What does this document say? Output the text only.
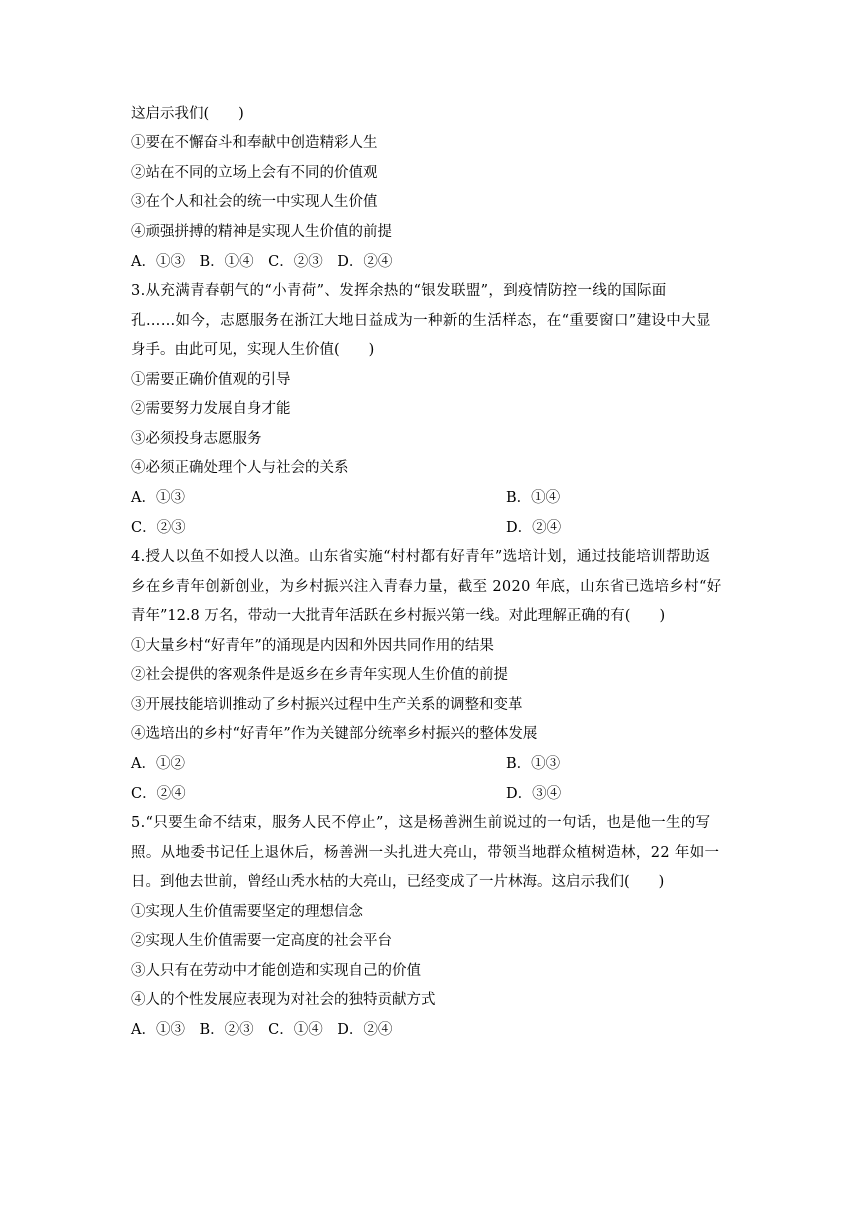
这启示我们(　　)
①要在不懈奋斗和奉献中创造精彩人生
②站在不同的立场上会有不同的价值观
③在个人和社会的统一中实现人生价值
④顽强拼搏的精神是实现人生价值的前提
A．①③　B．①④　C．②③　D．②④
3.从充满青春朝气的“小青荷”、发挥余热的“银发联盟”，到疫情防控一线的国际面
孔……如今，志愿服务在浙江大地日益成为一种新的生活样态，在“重要窗口”建设中大显
身手。由此可见，实现人生价值(　　)
①需要正确价值观的引导
②需要努力发展自身才能
③必须投身志愿服务
④必须正确处理个人与社会的关系
A．①③	B．①④
C．②③	D．②④
4.授人以鱼不如授人以渔。山东省实施“村村都有好青年”选培计划，通过技能培训帮助返
乡在乡青年创新创业，为乡村振兴注入青春力量，截至 2020 年底，山东省已选培乡村“好
青年”12.8 万名，带动一大批青年活跃在乡村振兴第一线。对此理解正确的有(　　)
①大量乡村“好青年”的涌现是内因和外因共同作用的结果
②社会提供的客观条件是返乡在乡青年实现人生价值的前提
③开展技能培训推动了乡村振兴过程中生产关系的调整和变革
④选培出的乡村“好青年”作为关键部分统率乡村振兴的整体发展
A．①②	B．①③
C．②④	D．③④
5.“只要生命不结束，服务人民不停止”，这是杨善洲生前说过的一句话，也是他一生的写
照。从地委书记任上退休后，杨善洲一头扎进大亮山，带领当地群众植树造林，22 年如一
日。到他去世前，曾经山秃水枯的大亮山，已经变成了一片林海。这启示我们(　　)
①实现人生价值需要坚定的理想信念
②实现人生价值需要一定高度的社会平台
③人只有在劳动中才能创造和实现自己的价值
④人的个性发展应表现为对社会的独特贡献方式
A．①③　B．②③　C．①④　D．②④
